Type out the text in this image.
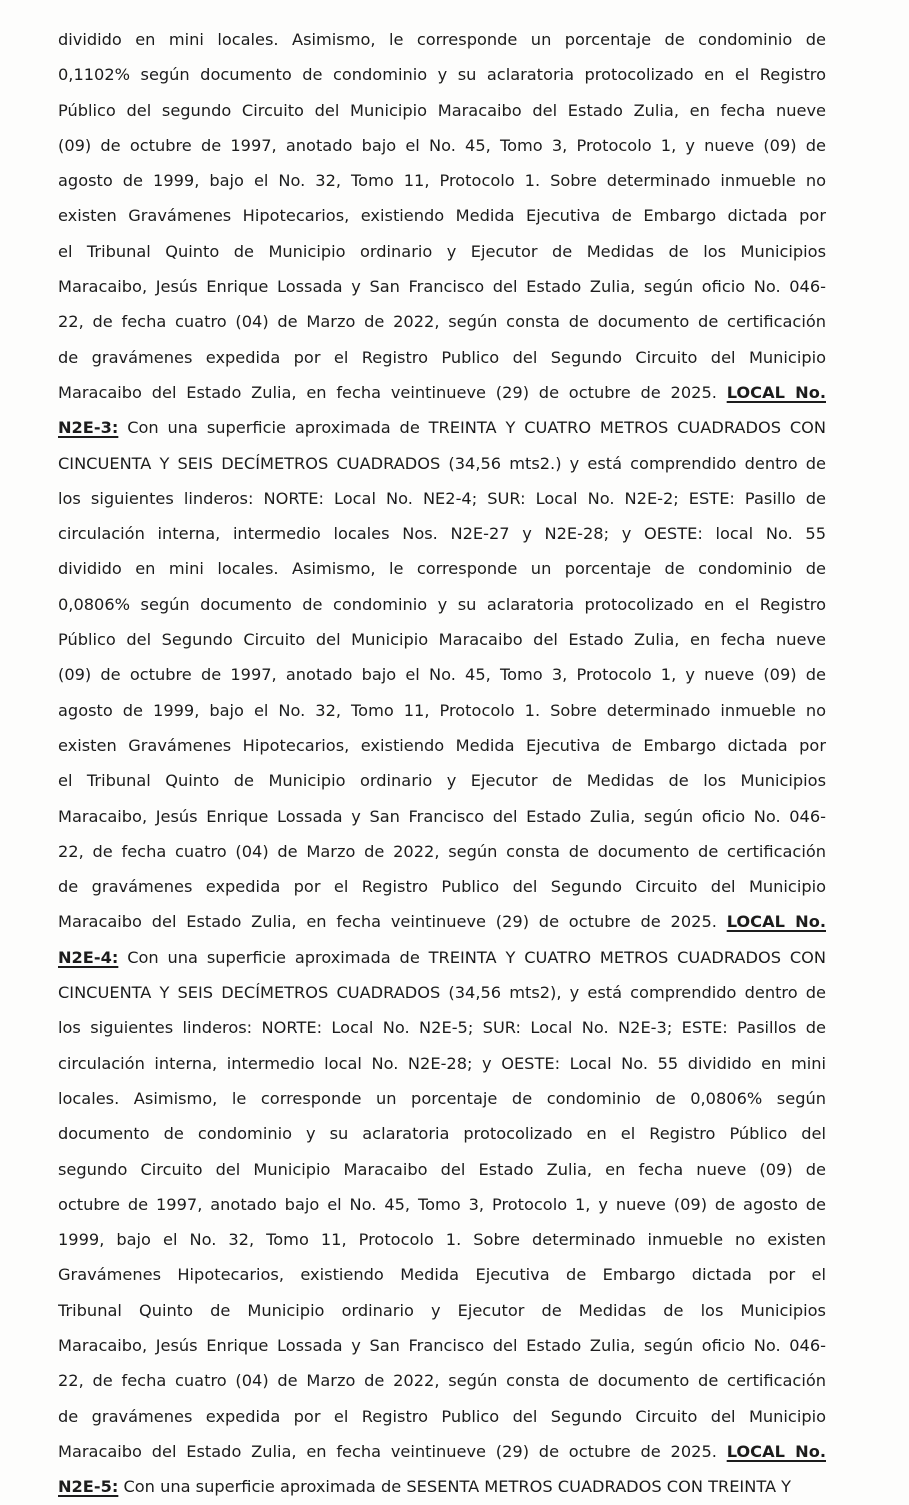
dividido en mini locales. Asimismo, le corresponde un porcentaje de condominio de
0,1102% según documento de condominio y su aclaratoria protocolizado en el Registro
Público del segundo Circuito del Municipio Maracaibo del Estado Zulia, en fecha nueve
(09) de octubre de 1997, anotado bajo el No. 45, Tomo 3, Protocolo 1, y nueve (09) de
agosto de 1999, bajo el No. 32, Tomo 11, Protocolo 1. Sobre determinado inmueble no
existen Gravámenes Hipotecarios, existiendo Medida Ejecutiva de Embargo dictada por
el Tribunal Quinto de Municipio ordinario y Ejecutor de Medidas de los Municipios
Maracaibo, Jesús Enrique Lossada y San Francisco del Estado Zulia, según oficio No. 046-
22, de fecha cuatro (04) de Marzo de 2022, según consta de documento de certificación
de gravámenes expedida por el Registro Publico del Segundo Circuito del Municipio
Maracaibo del Estado Zulia, en fecha veintinueve (29) de octubre de 2025. LOCAL No.
N2E-3: Con una superficie aproximada de TREINTA Y CUATRO METROS CUADRADOS CON
CINCUENTA Y SEIS DECÍMETROS CUADRADOS (34,56 mts2.) y está comprendido dentro de
los siguientes linderos: NORTE: Local No. NE2-4; SUR: Local No. N2E-2; ESTE: Pasillo de
circulación interna, intermedio locales Nos. N2E-27 y N2E-28; y OESTE: local No. 55
dividido en mini locales. Asimismo, le corresponde un porcentaje de condominio de
0,0806% según documento de condominio y su aclaratoria protocolizado en el Registro
Público del Segundo Circuito del Municipio Maracaibo del Estado Zulia, en fecha nueve
(09) de octubre de 1997, anotado bajo el No. 45, Tomo 3, Protocolo 1, y nueve (09) de
agosto de 1999, bajo el No. 32, Tomo 11, Protocolo 1. Sobre determinado inmueble no
existen Gravámenes Hipotecarios, existiendo Medida Ejecutiva de Embargo dictada por
el Tribunal Quinto de Municipio ordinario y Ejecutor de Medidas de los Municipios
Maracaibo, Jesús Enrique Lossada y San Francisco del Estado Zulia, según oficio No. 046-
22, de fecha cuatro (04) de Marzo de 2022, según consta de documento de certificación
de gravámenes expedida por el Registro Publico del Segundo Circuito del Municipio
Maracaibo del Estado Zulia, en fecha veintinueve (29) de octubre de 2025. LOCAL No.
N2E-4: Con una superficie aproximada de TREINTA Y CUATRO METROS CUADRADOS CON
CINCUENTA Y SEIS DECÍMETROS CUADRADOS (34,56 mts2), y está comprendido dentro de
los siguientes linderos: NORTE: Local No. N2E-5; SUR: Local No. N2E-3; ESTE: Pasillos de
circulación interna, intermedio local No. N2E-28; y OESTE: Local No. 55 dividido en mini
locales. Asimismo, le corresponde un porcentaje de condominio de 0,0806% según
documento de condominio y su aclaratoria protocolizado en el Registro Público del
segundo Circuito del Municipio Maracaibo del Estado Zulia, en fecha nueve (09) de
octubre de 1997, anotado bajo el No. 45, Tomo 3, Protocolo 1, y nueve (09) de agosto de
1999, bajo el No. 32, Tomo 11, Protocolo 1. Sobre determinado inmueble no existen
Gravámenes Hipotecarios, existiendo Medida Ejecutiva de Embargo dictada por el
Tribunal Quinto de Municipio ordinario y Ejecutor de Medidas de los Municipios
Maracaibo, Jesús Enrique Lossada y San Francisco del Estado Zulia, según oficio No. 046-
22, de fecha cuatro (04) de Marzo de 2022, según consta de documento de certificación
de gravámenes expedida por el Registro Publico del Segundo Circuito del Municipio
Maracaibo del Estado Zulia, en fecha veintinueve (29) de octubre de 2025. LOCAL No.
N2E-5: Con una superficie aproximada de SESENTA METROS CUADRADOS CON TREINTA Y
